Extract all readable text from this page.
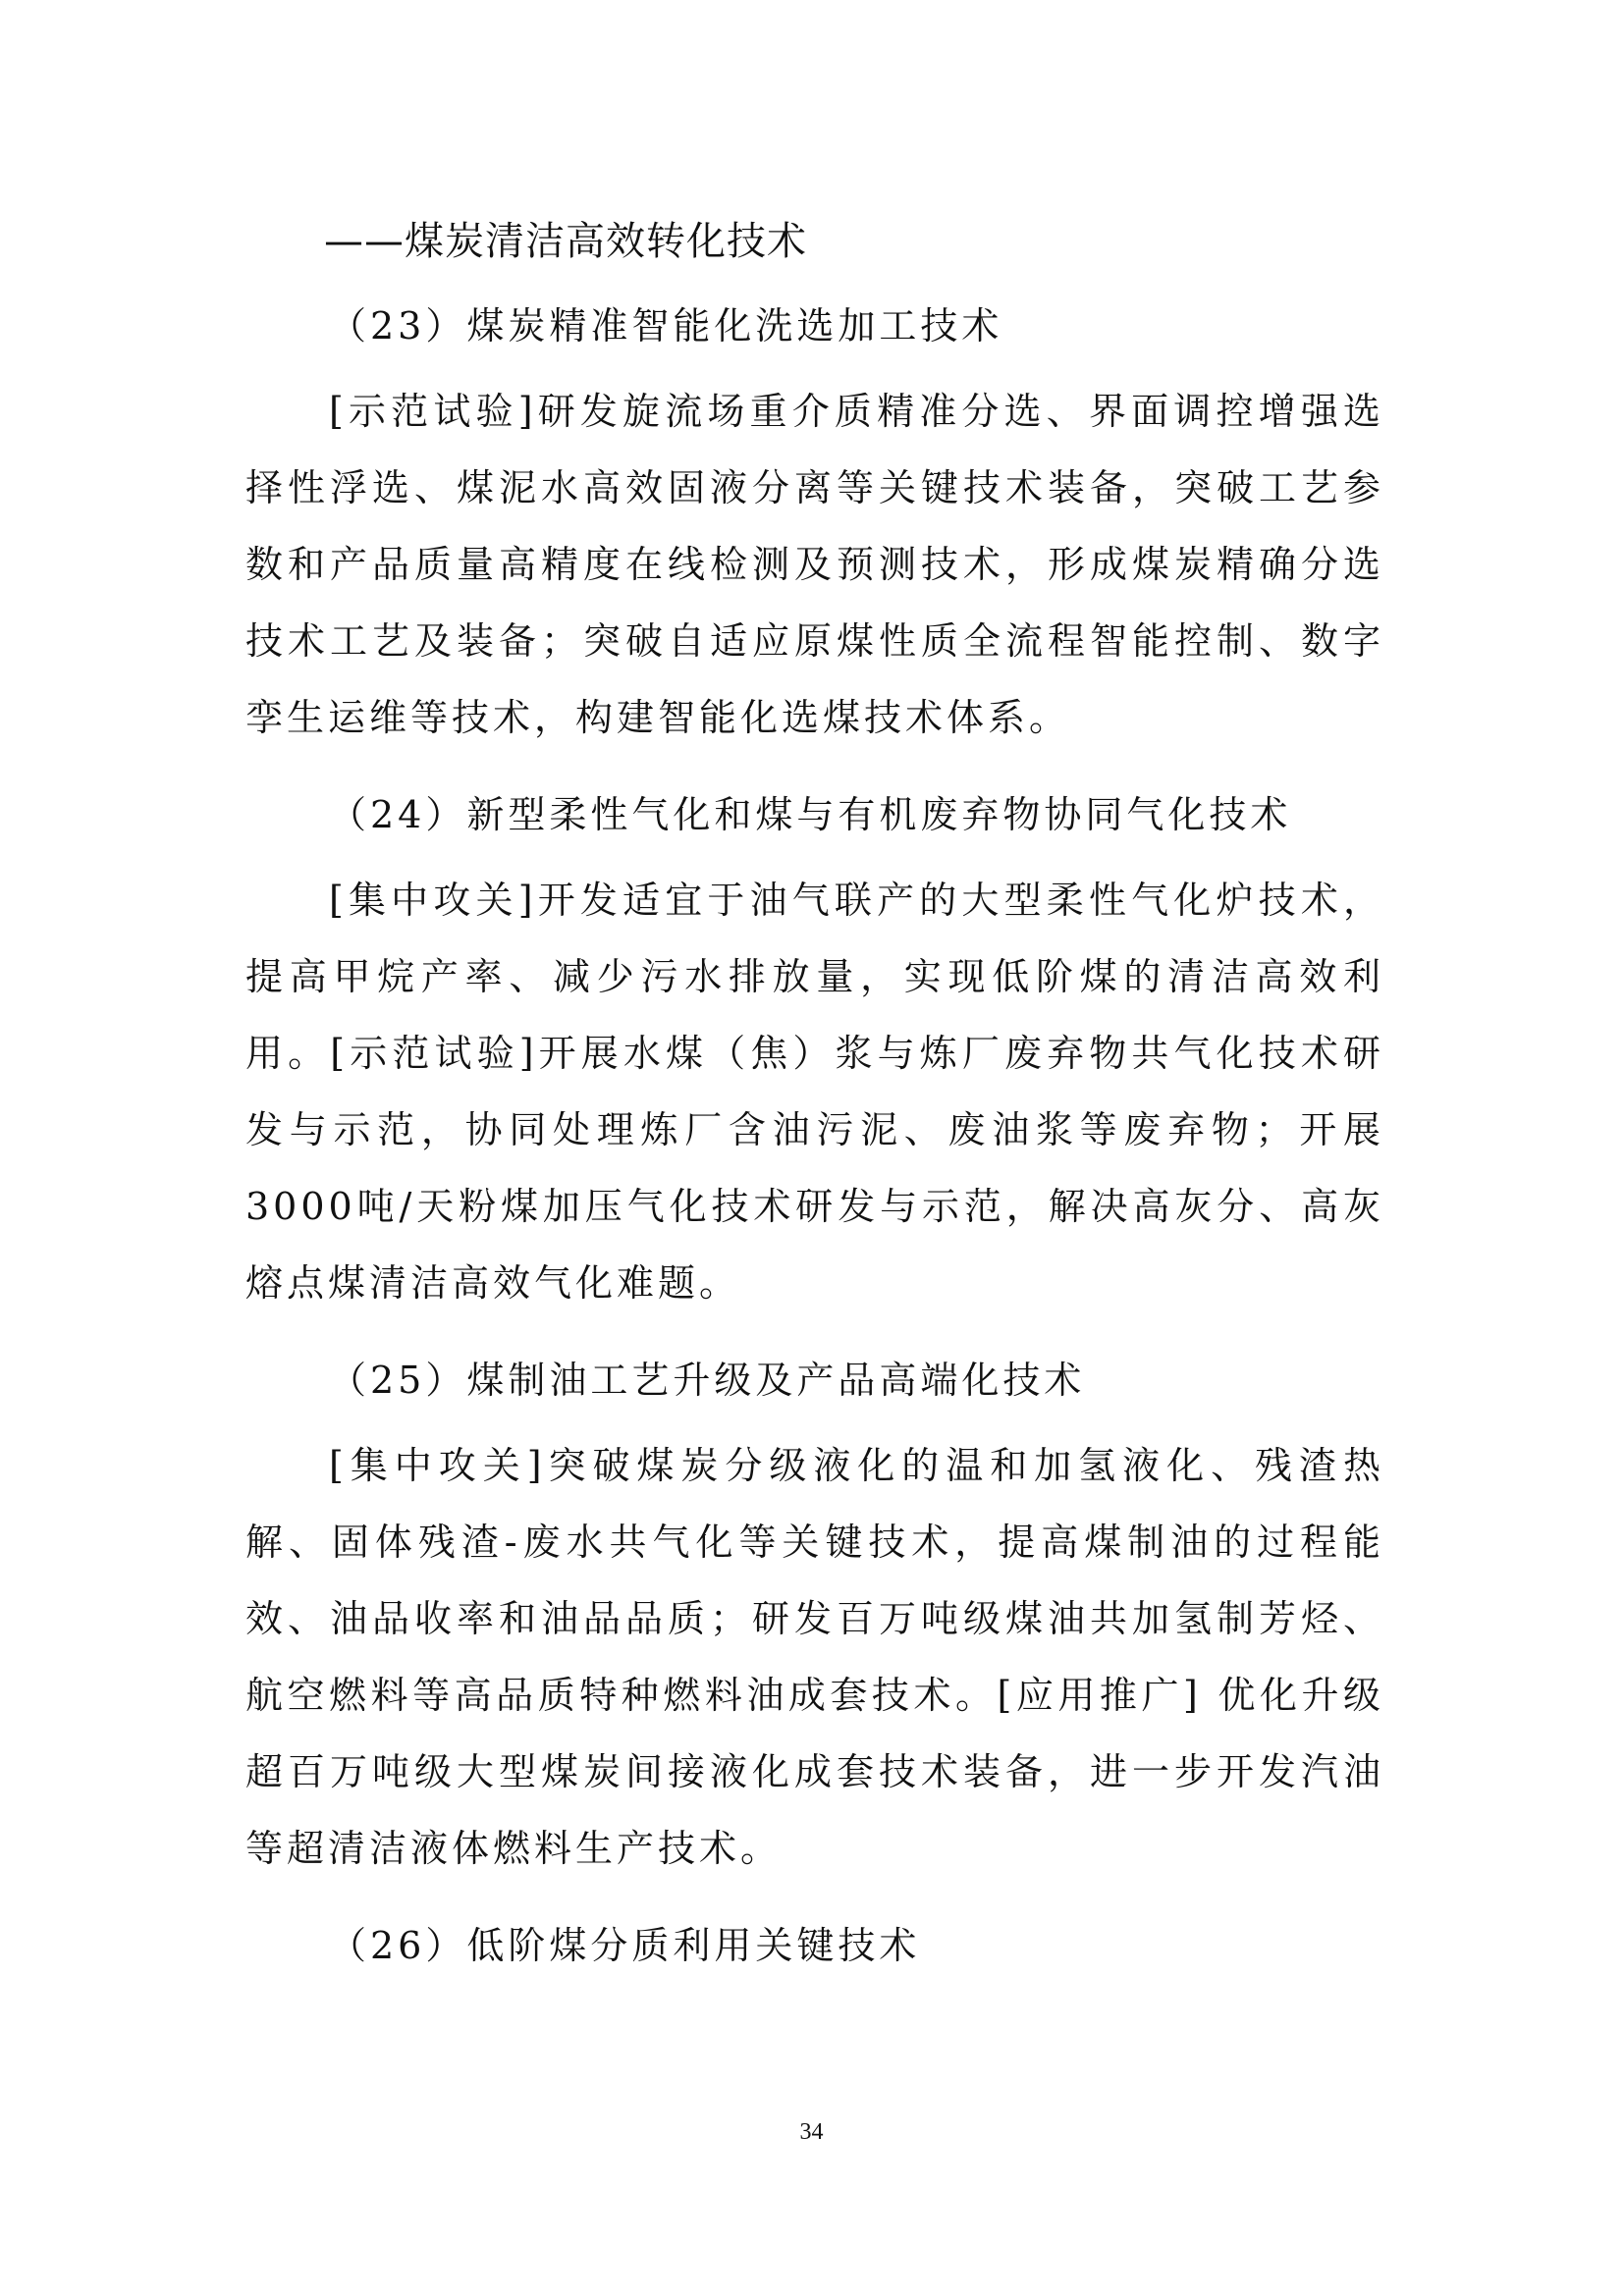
——煤炭清洁高效转化技术
（23）煤炭精准智能化洗选加工技术

[示范试验]研发旋流场重介质精准分选、界面调控增强选择性浮选、煤泥水高效固液分离等关键技术装备，突破工艺参数和产品质量高精度在线检测及预测技术，形成煤炭精确分选技术工艺及装备；突破自适应原煤性质全流程智能控制、数字孪生运维等技术，构建智能化选煤技术体系。

（24）新型柔性气化和煤与有机废弃物协同气化技术

[集中攻关]开发适宜于油气联产的大型柔性气化炉技术，提高甲烷产率、减少污水排放量，实现低阶煤的清洁高效利用。[示范试验]开展水煤（焦）浆与炼厂废弃物共气化技术研发与示范，协同处理炼厂含油污泥、废油浆等废弃物；开展3000吨/天粉煤加压气化技术研发与示范，解决高灰分、高灰熔点煤清洁高效气化难题。

（25）煤制油工艺升级及产品高端化技术

[集中攻关]突破煤炭分级液化的温和加氢液化、残渣热解、固体残渣-废水共气化等关键技术，提高煤制油的过程能效、油品收率和油品品质；研发百万吨级煤油共加氢制芳烃、航空燃料等高品质特种燃料油成套技术。[应用推广] 优化升级超百万吨级大型煤炭间接液化成套技术装备，进一步开发汽油等超清洁液体燃料生产技术。

（26）低阶煤分质利用关键技术
34
